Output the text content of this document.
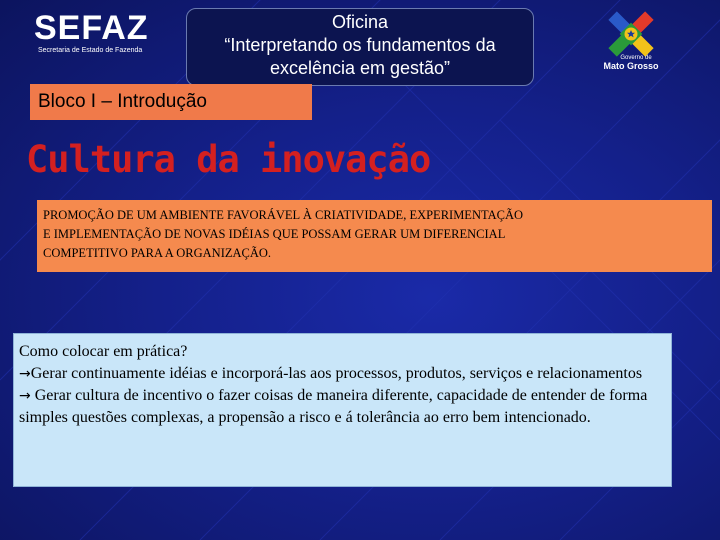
SEFAZ
Secretaria de Estado de Fazenda
Oficina
“Interpretando os fundamentos da
excelência em gestão”	Governo de
Mato Grosso
Bloco I – Introdução
Cultura da inovação
PROMOÇÃO DE UM AMBIENTE FAVORÁVEL À CRIATIVIDADE, EXPERIMENTAÇÃO
E IMPLEMENTAÇÃO DE NOVAS IDÉIAS QUE POSSAM GERAR UM DIFERENCIAL
COMPETITIVO PARA A ORGANIZAÇÃO.

Como colocar em prática?

→Gerar continuamente idéias e incorporá-las aos processos, produtos, serviços e relacionamentos

→ Gerar cultura de incentivo o fazer coisas de maneira diferente, capacidade de entender de forma simples questões complexas, a propensão a risco e á tolerância ao erro bem intencionado.
